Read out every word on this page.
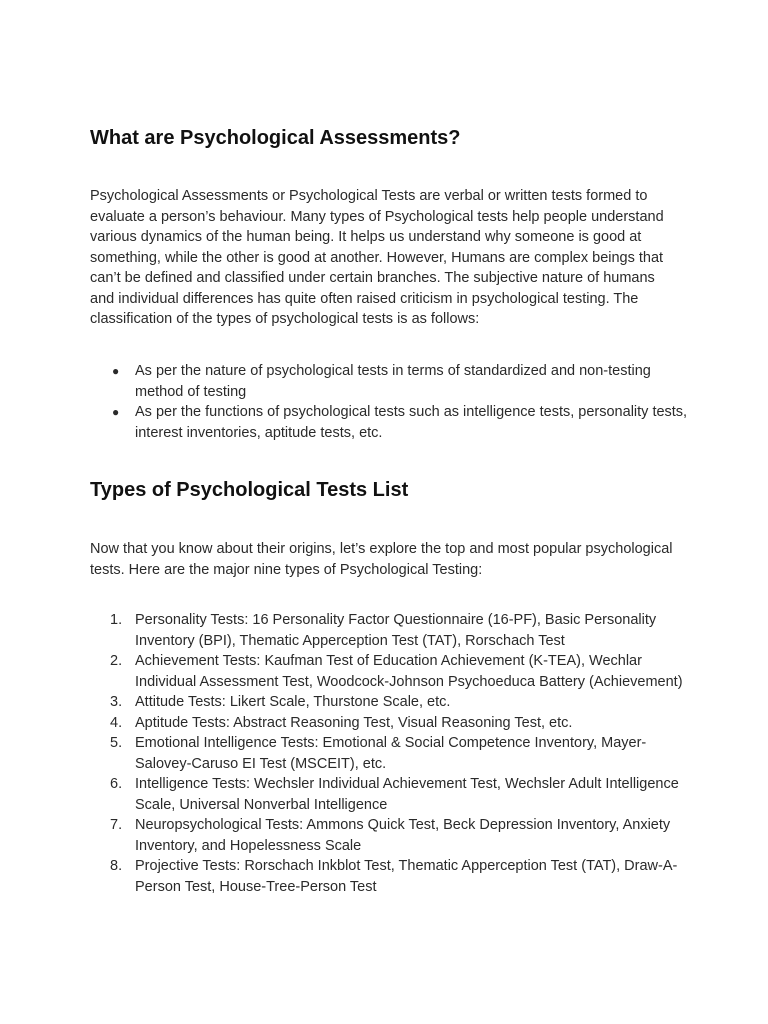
What are Psychological Assessments?

Psychological Assessments or Psychological Tests are verbal or written tests formed to evaluate a person’s behaviour. Many types of Psychological tests help people understand various dynamics of the human being. It helps us understand why someone is good at something, while the other is good at another. However, Humans are complex beings that can’t be defined and classified under certain branches. The subjective nature of humans and individual differences has quite often raised criticism in psychological testing. The classification of the types of psychological tests is as follows:

●	As per the nature of psychological tests in terms of standardized and non-testing method of testing
●	As per the functions of psychological tests such as intelligence tests, personality tests, interest inventories, aptitude tests, etc.
Types of Psychological Tests List

Now that you know about their origins, let’s explore the top and most popular psychological tests. Here are the major nine types of Psychological Testing:

1. Personality Tests: 16 Personality Factor Questionnaire (16-PF), Basic Personality Inventory (BPI), Thematic Apperception Test (TAT), Rorschach Test
2. Achievement Tests: Kaufman Test of Education Achievement (K-TEA), Wechlar Individual Assessment Test, Woodcock-Johnson Psychoeduca Battery (Achievement)
3. Attitude Tests: Likert Scale, Thurstone Scale, etc.
4. Aptitude Tests: Abstract Reasoning Test, Visual Reasoning Test, etc.
5. Emotional Intelligence Tests: Emotional & Social Competence Inventory, Mayer-Salovey-Caruso EI Test (MSCEIT), etc.
6. Intelligence Tests: Wechsler Individual Achievement Test, Wechsler Adult Intelligence Scale, Universal Nonverbal Intelligence
7. Neuropsychological Tests: Ammons Quick Test, Beck Depression Inventory, Anxiety Inventory, and Hopelessness Scale
8. Projective Tests: Rorschach Inkblot Test, Thematic Apperception Test (TAT), Draw-A-Person Test, House-Tree-Person Test
